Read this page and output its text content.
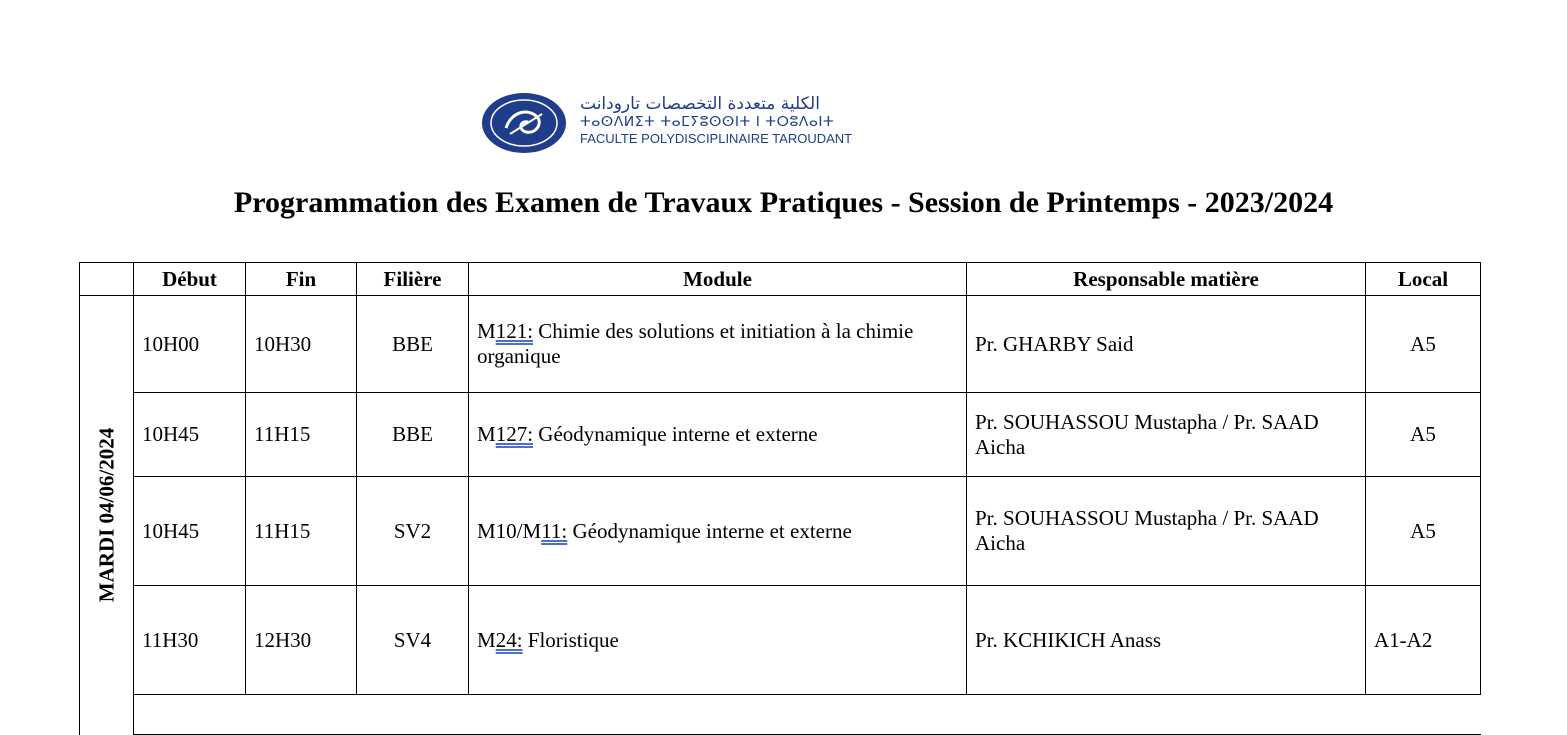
الكلية متعددة التخصصات تارودانت
ⵜⴰⵙⴷⵍⵉⵜ ⵜⴰⵎⵢⵓⵙⵙⵏⵜ ⵏ ⵜⵔⵓⴷⴰⵏⵜ
FACULTE POLYDISCIPLINAIRE TAROUDANT
Programmation des Examen de Travaux Pratiques - Session de Printemps - 2023/2024
	Début	Fin	Filière	Module	Responsable matière	Local

MARDI 04/06/2024	10H00	10H30	BBE	M121: Chimie des solutions et initiation à la chimie organique	Pr. GHARBY Said	A5
	10H45	11H15	BBE	M127: Géodynamique interne et externe	Pr. SOUHASSOU Mustapha / Pr. SAAD Aicha	A5
	10H45	11H15	SV2	M10/M11: Géodynamique interne et externe	Pr. SOUHASSOU Mustapha / Pr. SAAD Aicha	A5
	11H30	12H30	SV4	M24: Floristique	Pr. KCHIKICH Anass	A1-A2
